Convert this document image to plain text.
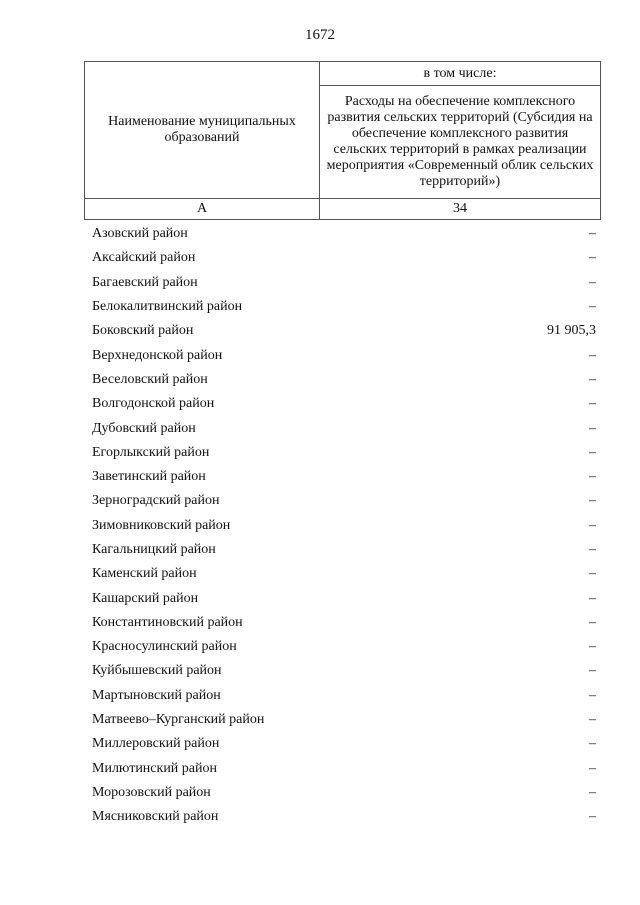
1672
Наименование муниципальных образований	в том числе:
	Расходы на обеспечение комплексного развития сельских территорий (Субсидия на обеспечение комплексного развития сельских территорий в рамках реализации мероприятия «Современный облик сельских территорий»)
А	34
Азовский район	–
Аксайский район	–
Багаевский район	–
Белокалитвинский район	–
Боковский район	91 905,3
Верхнедонской район	–
Веселовский район	–
Волгодонской район	–
Дубовский район	–
Егорлыкский район	–
Заветинский район	–
Зерноградский район	–
Зимовниковский район	–
Кагальницкий район	–
Каменский район	–
Кашарский район	–
Константиновский район	–
Красносулинский район	–
Куйбышевский район	–
Мартыновский район	–
Матвеево–Курганский район	–
Миллеровский район	–
Милютинский район	–
Морозовский район	–
Мясниковский район	–
